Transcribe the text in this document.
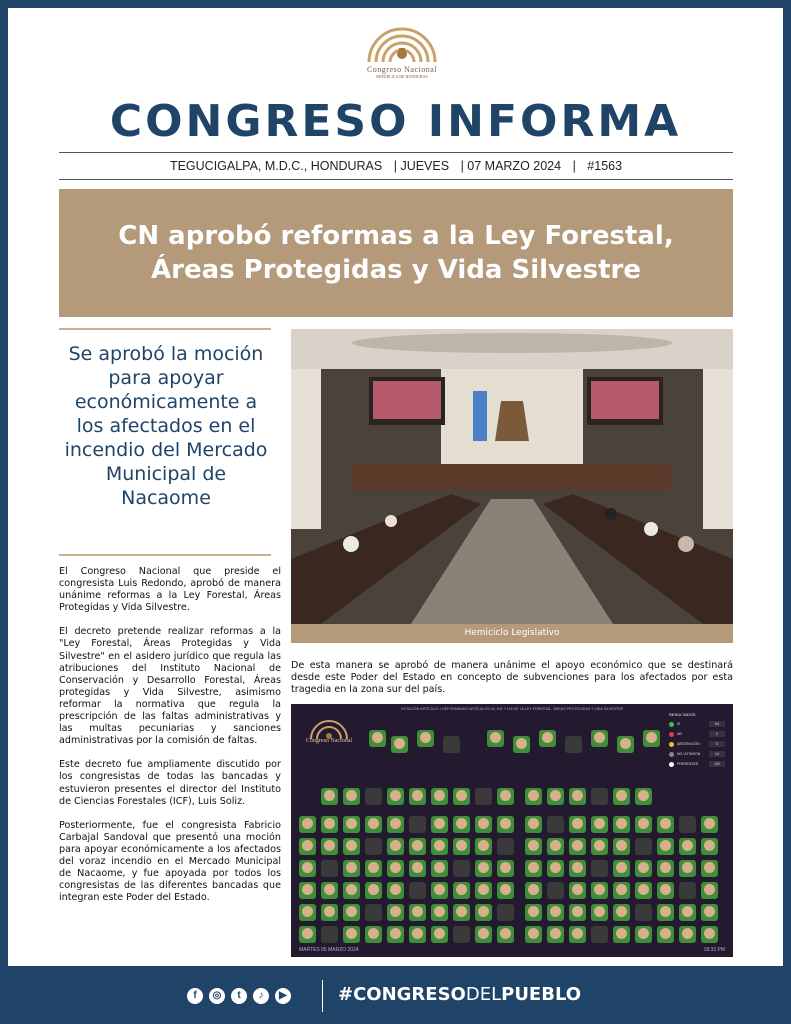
Congreso Nacional
REPÚBLICA DE HONDURAS
CONGRESO INFORMA
TEGUCIGALPA, M.D.C., HONDURAS | JUEVES | 07 MARZO 2024 | #1563
CN aprobó reformas a la Ley Forestal, Áreas Protegidas y Vida Silvestre
Se aprobó la moción para apoyar económicamente a los afectados en el incendio del Mercado Municipal de Nacaome

El Congreso Nacional que preside el congresista Luis Redondo, aprobó de manera unánime reformas a la Ley Forestal, Áreas Protegidas y Vida Silvestre.

El decreto pretende realizar reformas a la "Ley Forestal, Áreas Protegidas y Vida Silvestre" en el asidero jurídico que regula las atribuciones del Instituto Nacional de Conservación y Desarrollo Forestal, Áreas protegidas y Vida Silvestre, asimismo reformar la normativa que regula la prescripción de las faltas administrativas y las multas pecuniarias y sanciones administrativas por la comisión de faltas.

Este decreto fue ampliamente discutido por los congresistas de todas las bancadas y estuvieron presentes el director del Instituto de Ciencias Forestales (ICF), Luis Soliz.

Posteriormente, fue el congresista Fabricio Carbajal Sandoval que presentó una moción para apoyar económicamente a los afectados del voraz incendio en el Mercado Municipal de Nacaome, y fue apoyada por todos los congresistas de las diferentes bancadas que integran este Poder del Estado.

Hemiciclo Legislativo
De esta manera se aprobó de manera unánime el apoyo económico que se destinará desde este Poder del Estado en concepto de subvenciones para los afectados por esta tragedia en la zona sur del país.
VOTACIÓN ARTÍCULO 1 REFORMANDO ARTÍCULOS 18, 104 Y 105 DE LA LEY FORESTAL, ÁREAS PROTEGIDAS Y VIDA SILVESTRE
Congreso Nacional
RESULTADOS
SÍ	84
NO	0
ABSTENCIÓN	0
NO VOTARON	14
PRESENTES	100
MARTES 05 MARZO 2024	18:33 PM
f	◎	t	♪	▶	#CONGRESODELPUEBLO
